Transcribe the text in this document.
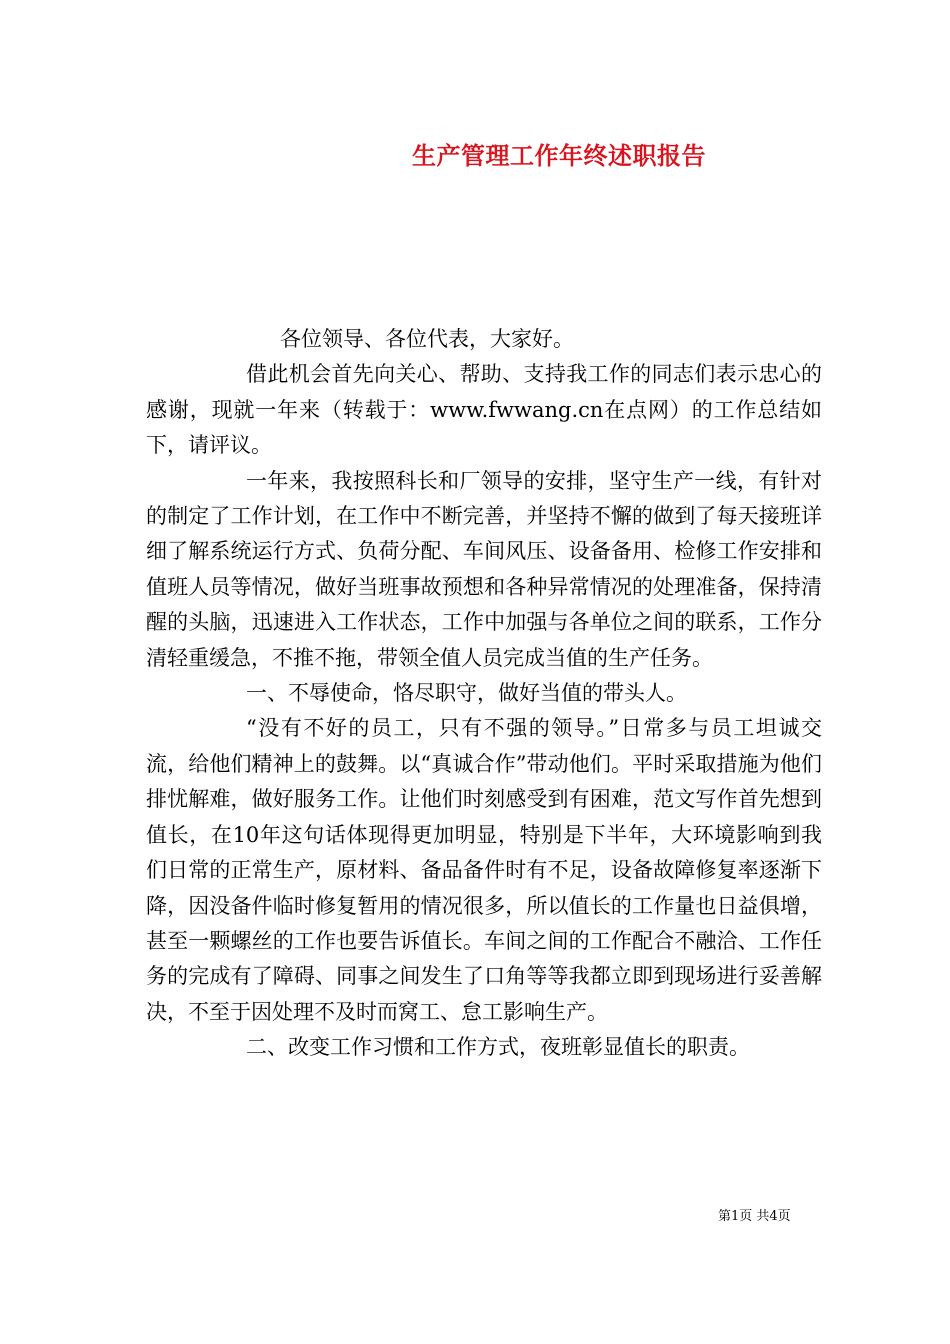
生产管理工作年终述职报告

各位领导、各位代表，大家好。

借此机会首先向关心、帮助、支持我工作的同志们表示忠心的感谢，现就一年来（转载于：www.fwwang.cn在点网）的工作总结如下，请评议。

一年来，我按照科长和厂领导的安排，坚守生产一线，有针对的制定了工作计划，在工作中不断完善，并坚持不懈的做到了每天接班详细了解系统运行方式、负荷分配、车间风压、设备备用、检修工作安排和值班人员等情况，做好当班事故预想和各种异常情况的处理准备，保持清醒的头脑，迅速进入工作状态，工作中加强与各单位之间的联系，工作分清轻重缓急，不推不拖，带领全值人员完成当值的生产任务。

一、不辱使命，恪尽职守，做好当值的带头人。

“没有不好的员工，只有不强的领导。”日常多与员工坦诚交流，给他们精神上的鼓舞。以“真诚合作”带动他们。平时采取措施为他们排忧解难，做好服务工作。让他们时刻感受到有困难，范文写作首先想到值长，在10年这句话体现得更加明显，特别是下半年，大环境影响到我们日常的正常生产，原材料、备品备件时有不足，设备故障修复率逐渐下降，因没备件临时修复暂用的情况很多，所以值长的工作量也日益俱增，甚至一颗螺丝的工作也要告诉值长。车间之间的工作配合不融洽、工作任务的完成有了障碍、同事之间发生了口角等等我都立即到现场进行妥善解决，不至于因处理不及时而窝工、怠工影响生产。

二、改变工作习惯和工作方式，夜班彰显值长的职责。

第1页 共4页
